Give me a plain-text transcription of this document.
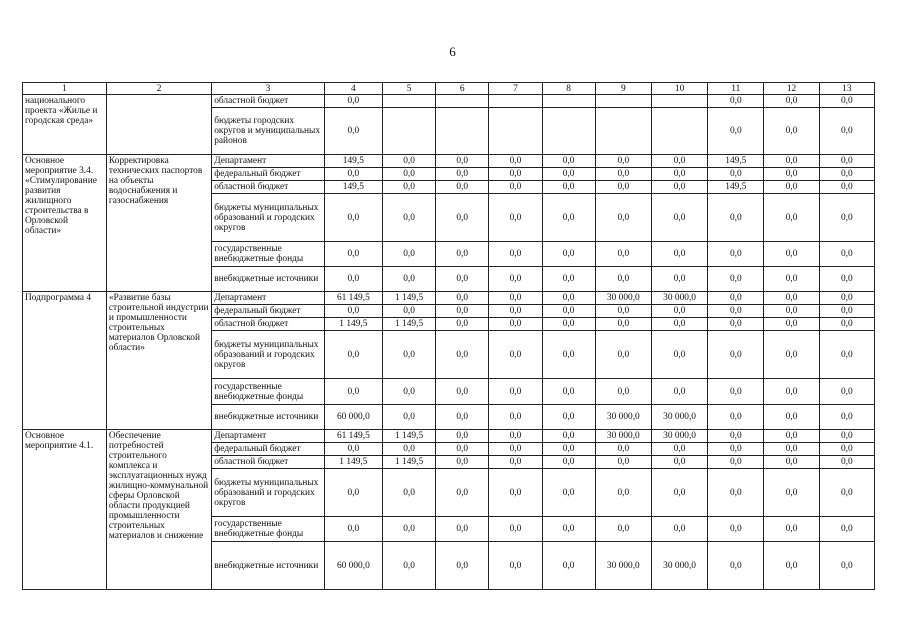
6
1	2	3	4	5	6	7	8	9	10	11	12	13
национального проекта «Жилье и городская среда»		областной бюджет	0,0							0,0	0,0	0,0
		бюджеты городских округов и муниципальных районов	0,0							0,0	0,0	0,0
Основное мероприятие 3.4. «Стимулирование развития жилищного строительства в Орловской области»	Корректировка технических паспортов на объекты водоснабжения и газоснабжения	Департамент	149,5	0,0	0,0	0,0	0,0	0,0	0,0	149,5	0,0	0,0
		федеральный бюджет	0,0	0,0	0,0	0,0	0,0	0,0	0,0	0,0	0,0	0,0
		областной бюджет	149,5	0,0	0,0	0,0	0,0	0,0	0,0	149,5	0,0	0,0
		бюджеты муниципальных образований и городских округов	0,0	0,0	0,0	0,0	0,0	0,0	0,0	0,0	0,0	0,0
		государственные внебюджетные фонды	0,0	0,0	0,0	0,0	0,0	0,0	0,0	0,0	0,0	0,0
		внебюджетные источники	0,0	0,0	0,0	0,0	0,0	0,0	0,0	0,0	0,0	0,0
Подпрограмма 4	«Развитие базы строительной индустрии и промышленности строительных материалов Орловской области»	Департамент	61 149,5	1 149,5	0,0	0,0	0,0	30 000,0	30 000,0	0,0	0,0	0,0
		федеральный бюджет	0,0	0,0	0,0	0,0	0,0	0,0	0,0	0,0	0,0	0,0
		областной бюджет	1 149,5	1 149,5	0,0	0,0	0,0	0,0	0,0	0,0	0,0	0,0
		бюджеты муниципальных образований и городских округов	0,0	0,0	0,0	0,0	0,0	0,0	0,0	0,0	0,0	0,0
		государственные внебюджетные фонды	0,0	0,0	0,0	0,0	0,0	0,0	0,0	0,0	0,0	0,0
		внебюджетные источники	60 000,0	0,0	0,0	0,0	0,0	30 000,0	30 000,0	0,0	0,0	0,0
Основное мероприятие 4.1.	Обеспечение потребностей строительного комплекса и эксплуатационных нужд жилищно-коммунальной сферы Орловской области продукцией промышленности строительных материалов и снижение	Департамент	61 149,5	1 149,5	0,0	0,0	0,0	30 000,0	30 000,0	0,0	0,0	0,0
		федеральный бюджет	0,0	0,0	0,0	0,0	0,0	0,0	0,0	0,0	0,0	0,0
		областной бюджет	1 149,5	1 149,5	0,0	0,0	0,0	0,0	0,0	0,0	0,0	0,0
		бюджеты муниципальных образований и городских округов	0,0	0,0	0,0	0,0	0,0	0,0	0,0	0,0	0,0	0,0
		государственные внебюджетные фонды	0,0	0,0	0,0	0,0	0,0	0,0	0,0	0,0	0,0	0,0
		внебюджетные источники	60 000,0	0,0	0,0	0,0	0,0	30 000,0	30 000,0	0,0	0,0	0,0
